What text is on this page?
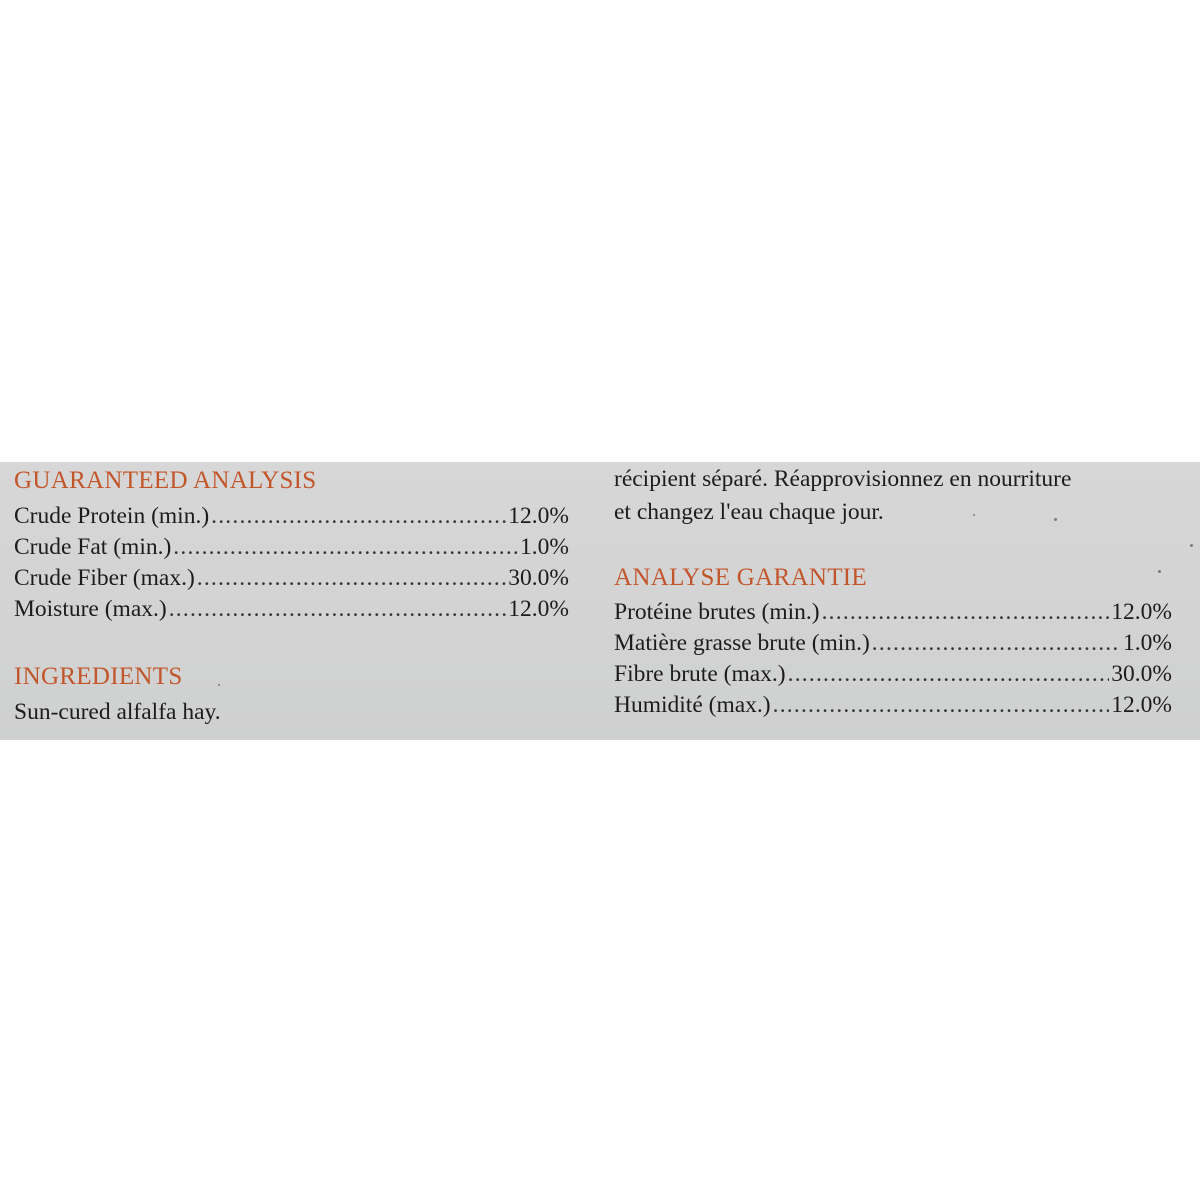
GUARANTEED ANALYSIS
Crude Protein (min.) .....	12.0%
Crude Fat (min.) .....	1.0%
Crude Fiber (max.) .....	30.0%
Moisture (max.) .....	12.0%
INGREDIENTS
Sun-cured alfalfa hay.
récipient séparé. Réapprovisionnez en nourriture
et changez l'eau chaque jour.
ANALYSE GARANTIE
Protéine brutes (min.) .....	12.0%
Matière grasse brute (min.) .....	1.0%
Fibre brute (max.) .....	30.0%
Humidité (max.) .....	12.0%
